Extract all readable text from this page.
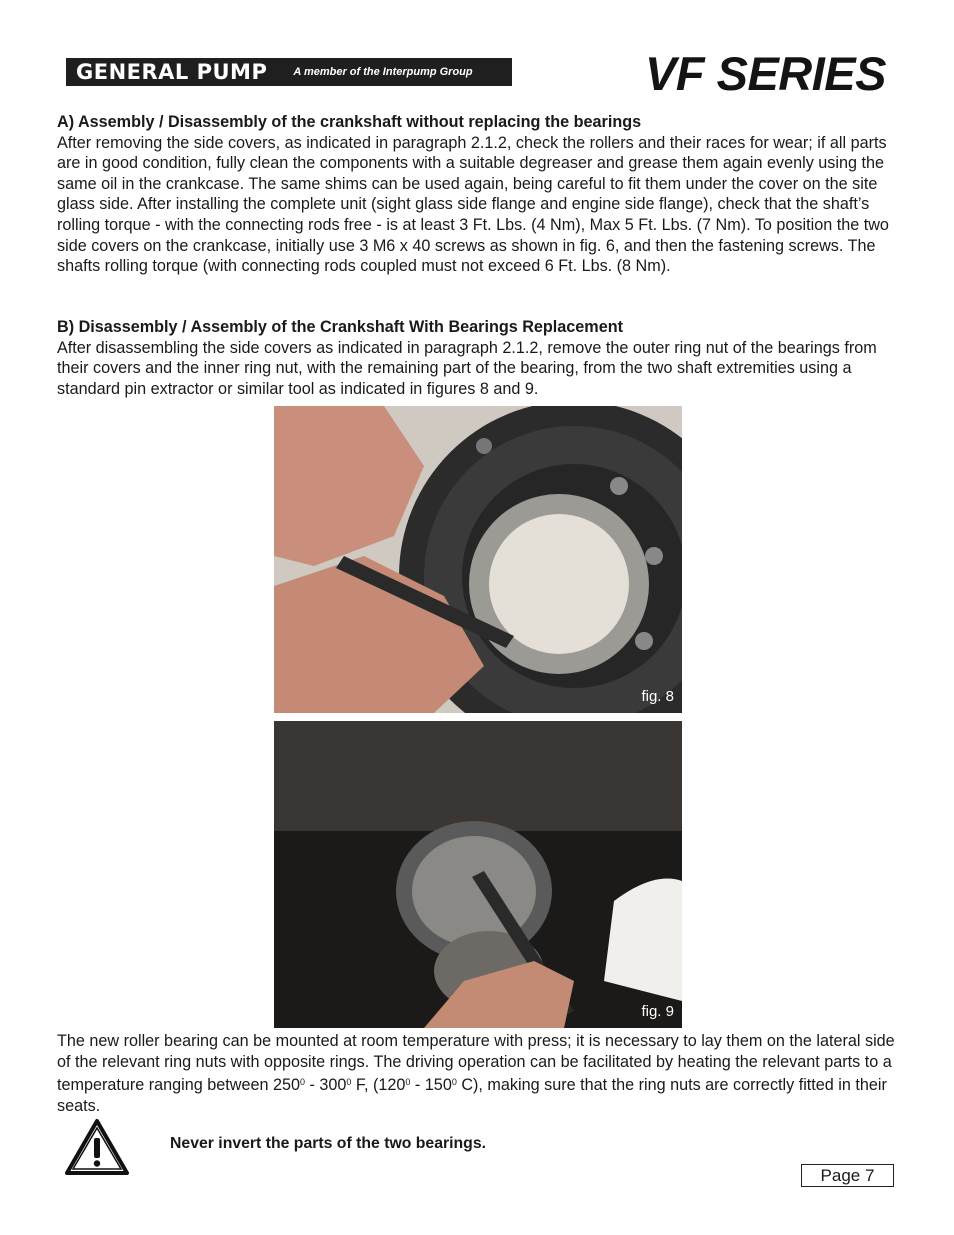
GENERAL PUMP A member of the Interpump Group	VF SERIES
A) Assembly / Disassembly of the crankshaft without replacing the bearings

After removing the side covers, as indicated in paragraph 2.1.2, check the rollers and their races for wear; if all parts are in good condition, fully clean the components with a suitable degreaser and grease them again evenly using the same oil in the crankcase. The same shims can be used again, being careful to fit them under the cover on the site glass side. After installing the complete unit (sight glass side flange and engine side flange), check that the shaft’s rolling torque - with the connecting rods free - is at least 3 Ft. Lbs. (4 Nm), Max 5 Ft. Lbs. (7 Nm). To position the two side covers on the crankcase, initially use 3 M6 x 40 screws as shown in fig. 6, and then the fastening screws. The shafts rolling torque (with connecting rods coupled must not exceed 6 Ft. Lbs. (8 Nm).

B) Disassembly / Assembly of the Crankshaft With Bearings Replacement

After disassembling the side covers as indicated in paragraph 2.1.2, remove the outer ring nut of the bearings from their covers and the inner ring nut, with the remaining part of the bearing, from the two shaft extremities using a standard pin extractor or similar tool as indicated in figures 8 and 9.

fig. 8
fig. 9

The new roller bearing can be mounted at room temperature with press; it is necessary to lay them on the lateral side of the relevant ring nuts with opposite rings. The driving operation can be facilitated by heating the relevant parts to a temperature ranging between $250^0 - 300^0$ F, ($120^0 - 150^0$ C), making sure that the ring nuts are correctly fitted in their seats.

Never invert the parts of the two bearings.
Page 7
